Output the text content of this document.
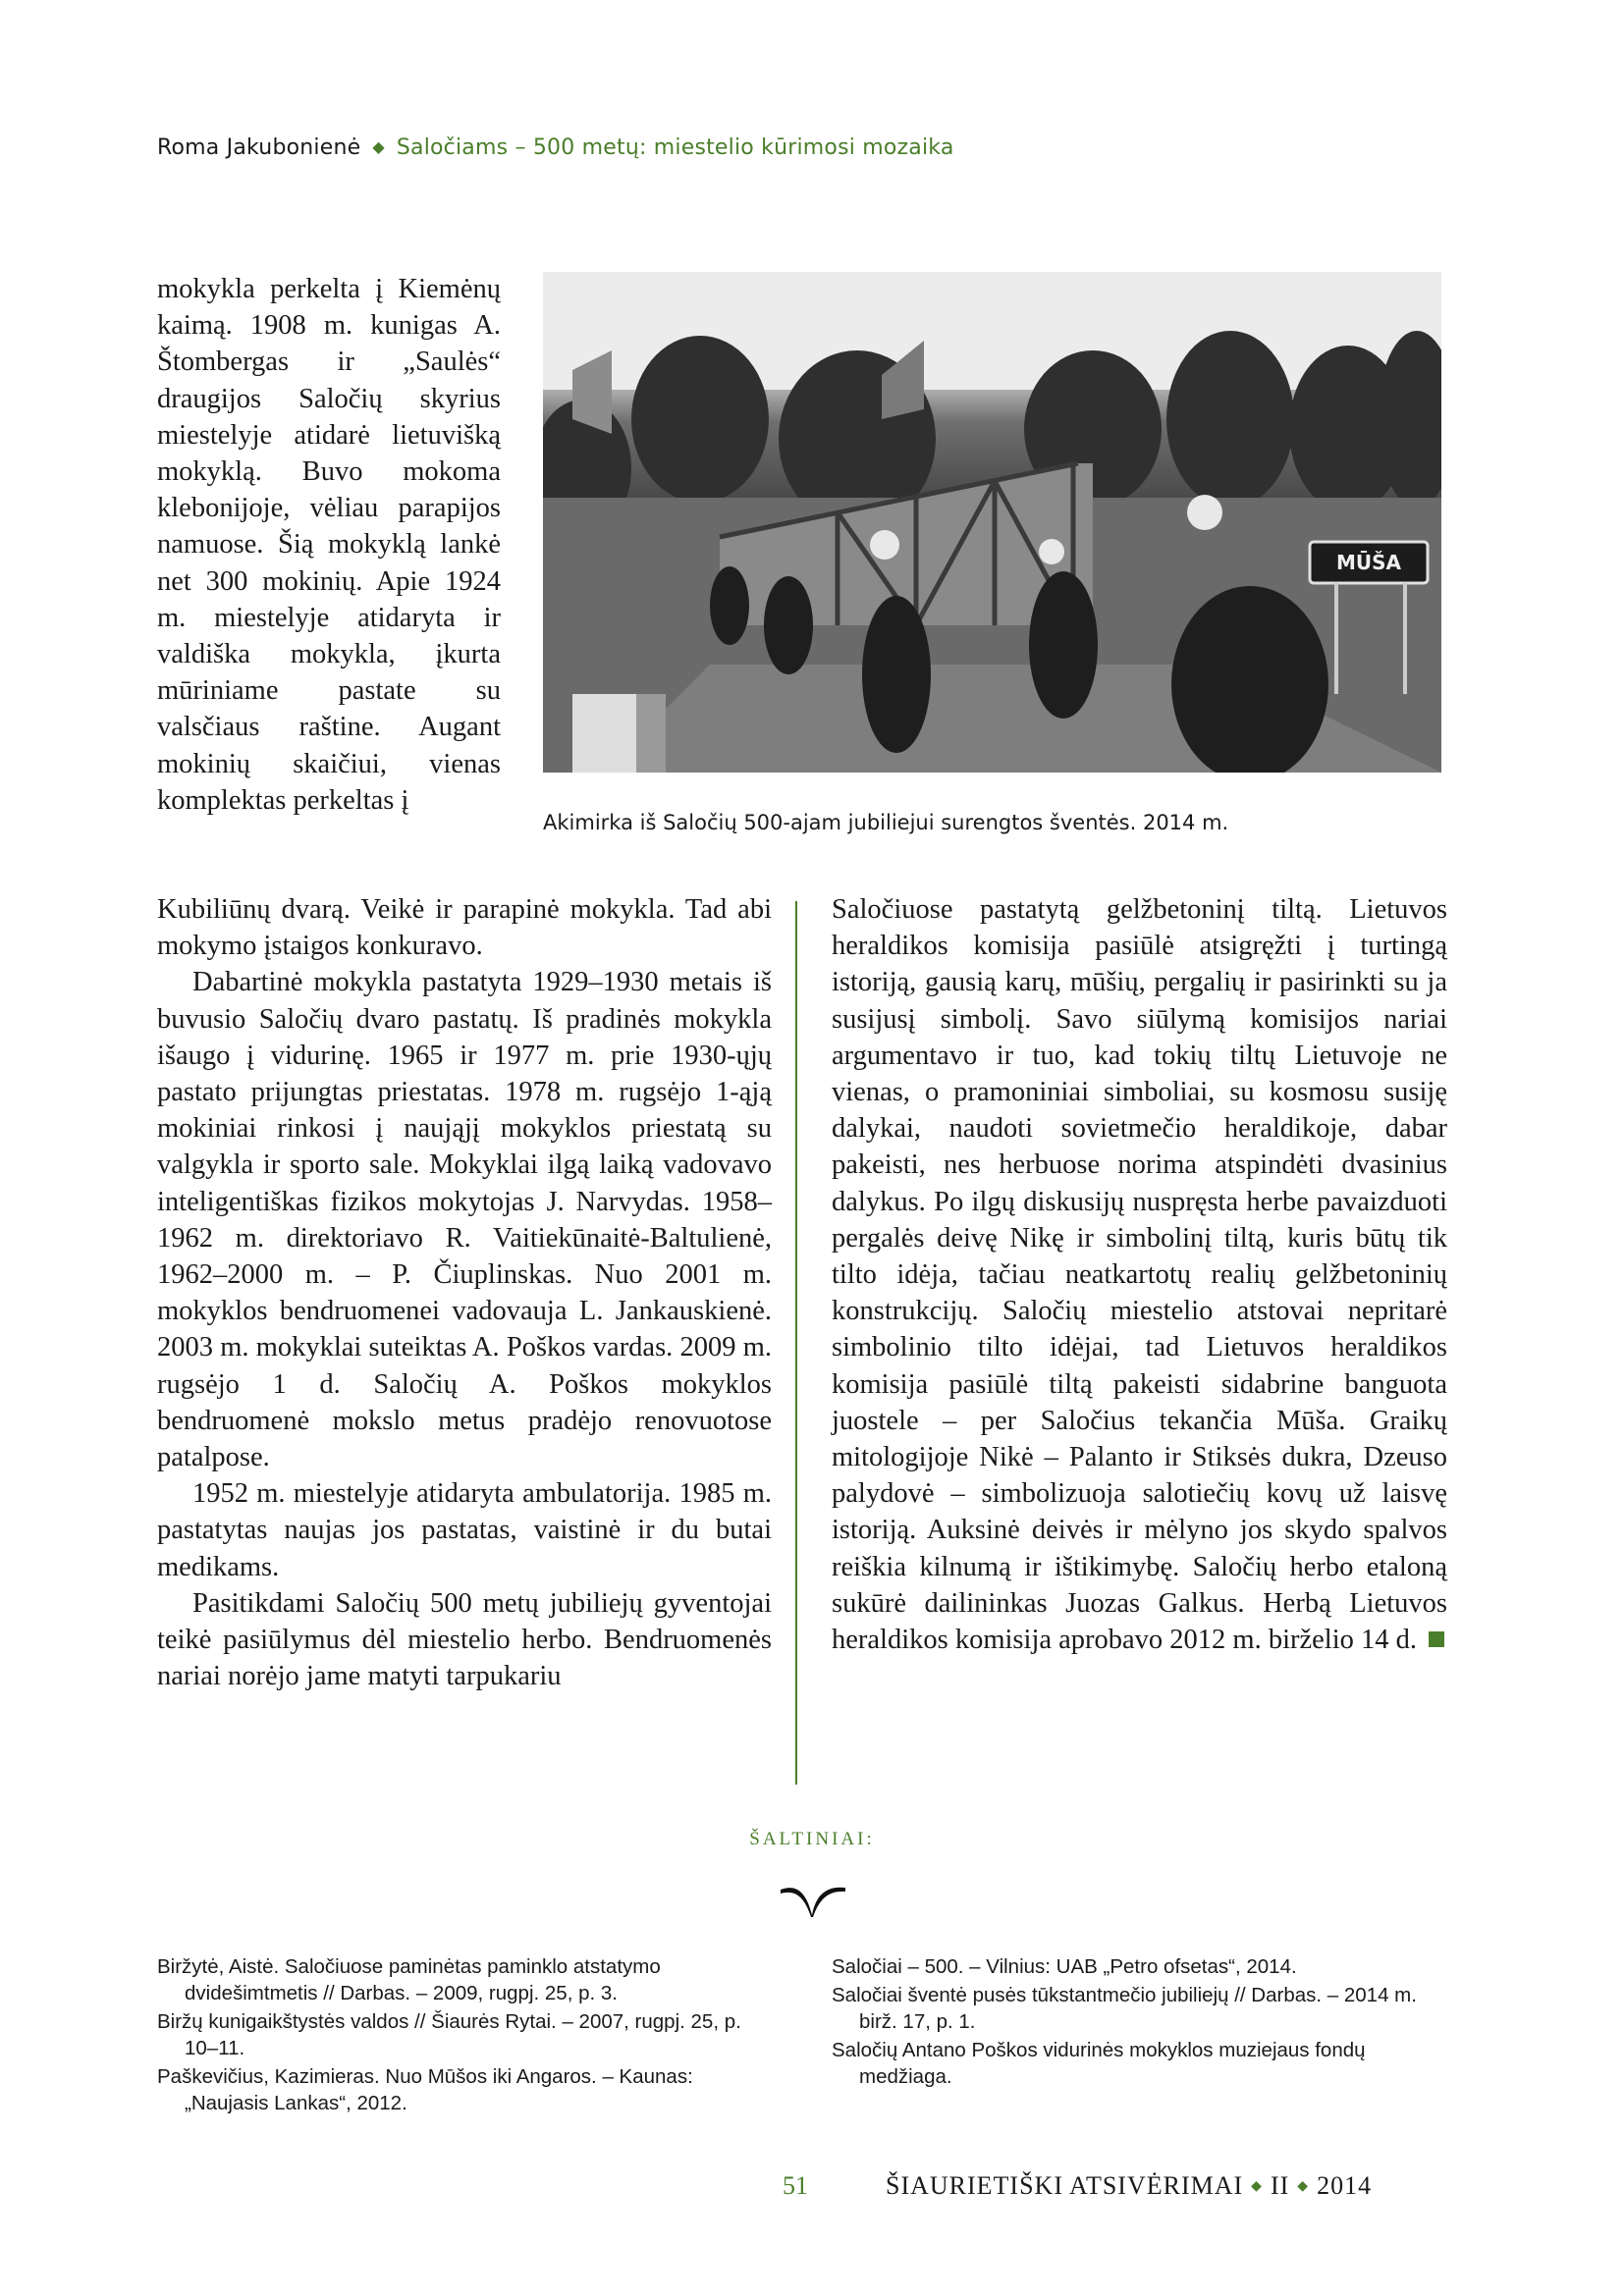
Roma Jakubonienė ◆ Saločiams – 500 metų: miestelio kūrimosi mozaika

mokykla perkelta į Kiemėnų kaimą. 1908 m. kunigas A. Štombergas ir „Saulės“ draugijos Saločių skyrius miestelyje atidarė lietuvišką mokyklą. Buvo mokoma klebonijoje, vėliau parapijos namuose. Šią mokyklą lankė net 300 mokinių. Apie 1924 m. miestelyje atidaryta ir valdiška mokykla, įkurta mūriniame pastate su valsčiaus raštine. Augant mokinių skaičiui, vienas komplektas perkeltas į

MŪŠA
Akimirka iš Saločių 500-ajam jubiliejui surengtos šventės. 2014 m.

Kubiliūnų dvarą. Veikė ir parapinė mokykla. Tad abi mokymo įstaigos konkuravo.

Dabartinė mokykla pastatyta 1929–1930 metais iš buvusio Saločių dvaro pastatų. Iš pradinės mokykla išaugo į vidurinę. 1965 ir 1977 m. prie 1930-ųjų pastato prijungtas priestatas. 1978 m. rugsėjo 1-ąją mokiniai rinkosi į naująjį mokyklos priestatą su valgykla ir sporto sale. Mokyklai ilgą laiką vadovavo inteligentiškas fizikos mokytojas J. Narvydas. 1958–1962 m. direktoriavo R. Vaitiekūnaitė-Baltulienė, 1962–2000 m. – P. Čiuplinskas. Nuo 2001 m. mokyklos bendruomenei vadovauja L. Jankauskienė. 2003 m. mokyklai suteiktas A. Poškos vardas. 2009 m. rugsėjo 1 d. Saločių A. Poškos mokyklos bendruomenė mokslo metus pradėjo renovuotose patalpose.

1952 m. miestelyje atidaryta ambulatorija. 1985 m. pastatytas naujas jos pastatas, vaistinė ir du butai medikams.

Pasitikdami Saločių 500 metų jubiliejų gyventojai teikė pasiūlymus dėl miestelio herbo. Bendruomenės nariai norėjo jame matyti tarpukariu

Saločiuose pastatytą gelžbetoninį tiltą. Lietuvos heraldikos komisija pasiūlė atsigręžti į turtingą istoriją, gausią karų, mūšių, pergalių ir pasirinkti su ja susijusį simbolį. Savo siūlymą komisijos nariai argumentavo ir tuo, kad tokių tiltų Lietuvoje ne vienas, o pramoniniai simboliai, su kosmosu susiję dalykai, naudoti sovietmečio heraldikoje, dabar pakeisti, nes herbuose norima atspindėti dvasinius dalykus. Po ilgų diskusijų nuspręsta herbe pavaizduoti pergalės deivę Nikę ir simbolinį tiltą, kuris būtų tik tilto idėja, tačiau neatkartotų realių gelžbetoninių konstrukcijų. Saločių miestelio atstovai nepritarė simbolinio tilto idėjai, tad Lietuvos heraldikos komisija pasiūlė tiltą pakeisti sidabrine banguota juostele – per Saločius tekančia Mūša. Graikų mitologijoje Nikė – Palanto ir Stiksės dukra, Dzeuso palydovė – simbolizuoja salotiečių kovų už laisvę istoriją. Auksinė deivės ir mėlyno jos skydo spalvos reiškia kilnumą ir ištikimybę. Saločių herbo etaloną sukūrė dailininkas Juozas Galkus. Herbą Lietuvos heraldikos komisija aprobavo 2012 m. birželio 14 d.

ŠALTINIAI:
Biržytė, Aistė. Saločiuose paminėtas paminklo atstatymo dvidešimtmetis // Darbas. – 2009, rugpj. 25, p. 3.
Biržų kunigaikštystės valdos // Šiaurės Rytai. – 2007, rugpj. 25, p. 10–11.
Paškevičius, Kazimieras. Nuo Mūšos iki Angaros. – Kaunas: „Naujasis Lankas“, 2012.
Saločiai – 500. – Vilnius: UAB „Petro ofsetas“, 2014.
Saločiai šventė pusės tūkstantmečio jubiliejų // Darbas. – 2014 m. birž. 17, p. 1.
Saločių Antano Poškos vidurinės mokyklos muziejaus fondų medžiaga.
51	ŠIAURIETIŠKI ATSIVĖRIMAI ◆ II ◆ 2014
